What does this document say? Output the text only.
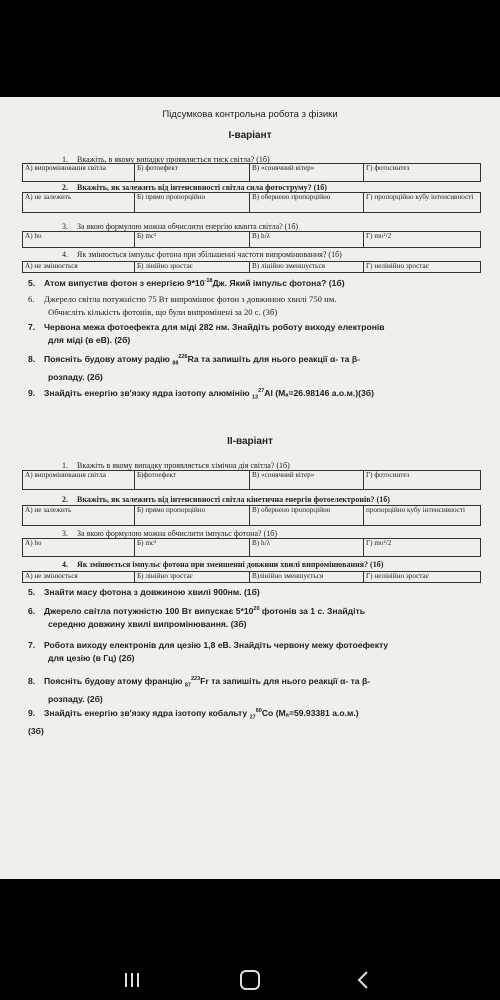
Підсумкова контрольна робота з фізики
І-варіант
1. Вкажіть, в якому випадку проявляється тиск світла? (1б)
А) випромінювання світла	Б) фотоефект	В) «сонячний вітер»	Г) фотосинтез
2. Вкажіть, як залежить від інтенсивності світла сила фотоструму? (1б)
А) не залежить	Б) прямо пропорційно	В) обернено пропорційно	Г) пропорційно кубу інтенсивності
3. За якою формулою можна обчислити енергію кванта світла? (1б)
А) hυ	Б) mc²	В) h/λ	Г) mυ²/2
4. Як змінюється імпульс фотона при збільшенні частоти випромінювання? (1б)
А) не змінюється	Б) лінійно зростає	В) лінійно зменшується	Г) нелінійно зростає
5. Атом випустив фотон з енергією $9*10^{-18}Дж$. Який імпульс фотона? (1б)
6. Джерело світла потужністю 75 Вт випромінює фотон з довжиною хвилі 750 нм.
Обчисліть кількість фотонів, що були випромінені за 20 с. (3б)
7. Червона межа фотоефекта для міді 282 нм. Знайдіть роботу виходу електронів
для міді (в еВ). (2б)
8. Поясніть будову атому радію $_{88}^{226}$Ra та запишіть для нього реакції α- та β-
розпаду. (2б)
9. Знайдіть енергію зв'язку ядра ізотопу алюмінію $_{13}^{27}$Al (Mₐ=26.98146 а.о.м.)(3б)
ІІ-варіант
1. Вкажіть в якому випадку проявляється хімічна дія світла? (1б)
А) випромінювання світла	Б)фотоефект	В) «сонячний вітер»	Г) фотосинтез
2. Вкажіть, як залежить від інтенсивності світла кінетична енергія фотоелектронів? (1б)
А) не залежить	Б) прямо пропорційно	В) обернено пропорційно	пропорційно кубу інтенсивності
3. За якою формулою можна обчислити імпульс фотона? (1б)
А) hυ	Б) mc²	В) h/λ	Г) mυ²/2
4. Як змінюється імпульс фотона при зменшенні довжини хвилі випромінювання? (1б)
А) не змінюється	Б) лінійно зростає	В)лінійно зменшується	Г) нелінійно зростає
5. Знайти масу фотона з довжиною хвилі 900нм. (1б)
6. Джерело світла потужністю 100 Вт випускає $5*10^{20}$ фотонів за 1 с. Знайдіть
середню довжину хвилі випромінювання. (3б)
7. Робота виходу електронів для цезію 1,8 еВ. Знайдіть червону межу фотоефекту
для цезію (в Гц) (2б)
8. Поясніть будову атому францію $_{87}^{223}$Fr та запишіть для нього реакції α- та β-
розпаду. (2б)
9. Знайдіть енергію зв'язку ядра ізотопу кобальту $_{27}^{60}$Co (Mₐ=59.93381 а.о.м.)
(3б)
